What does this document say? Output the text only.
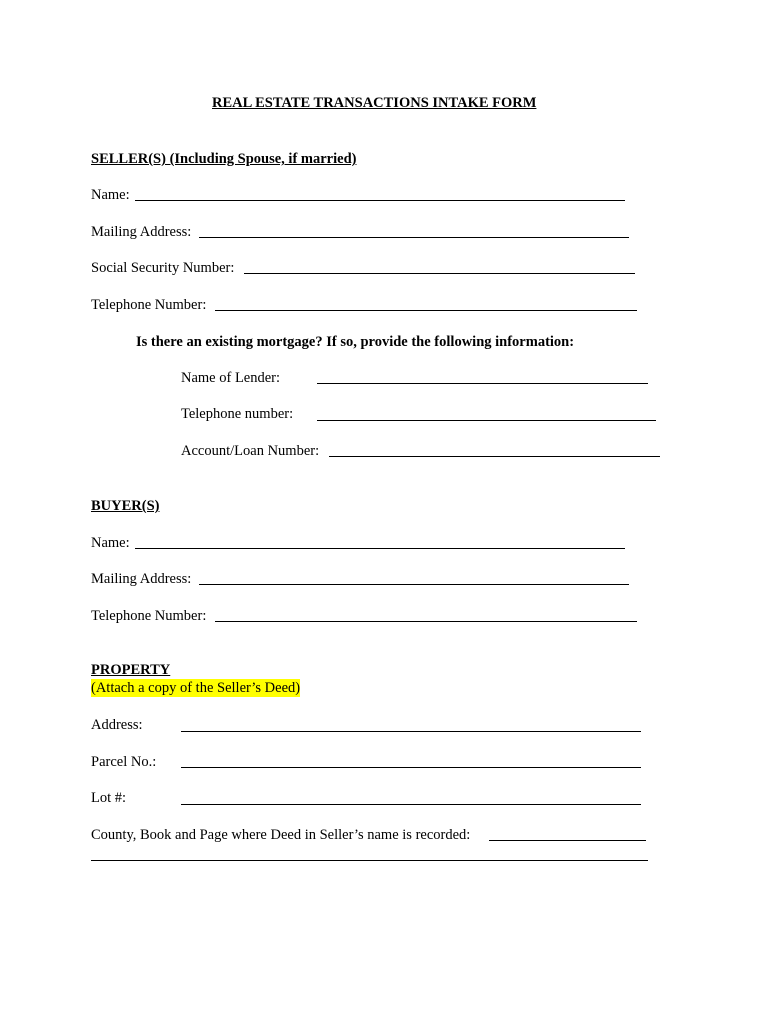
REAL ESTATE TRANSACTIONS INTAKE FORM
SELLER(S) (Including Spouse, if married)
Name:
Mailing Address:
Social Security Number:
Telephone Number:
Is there an existing mortgage? If so, provide the following information:
Name of Lender:
Telephone number:
Account/Loan Number:
BUYER(S)
Name:
Mailing Address:
Telephone Number:
PROPERTY
(Attach a copy of the Seller’s Deed)
Address:
Parcel No.:
Lot #:
County, Book and Page where Deed in Seller’s name is recorded:
